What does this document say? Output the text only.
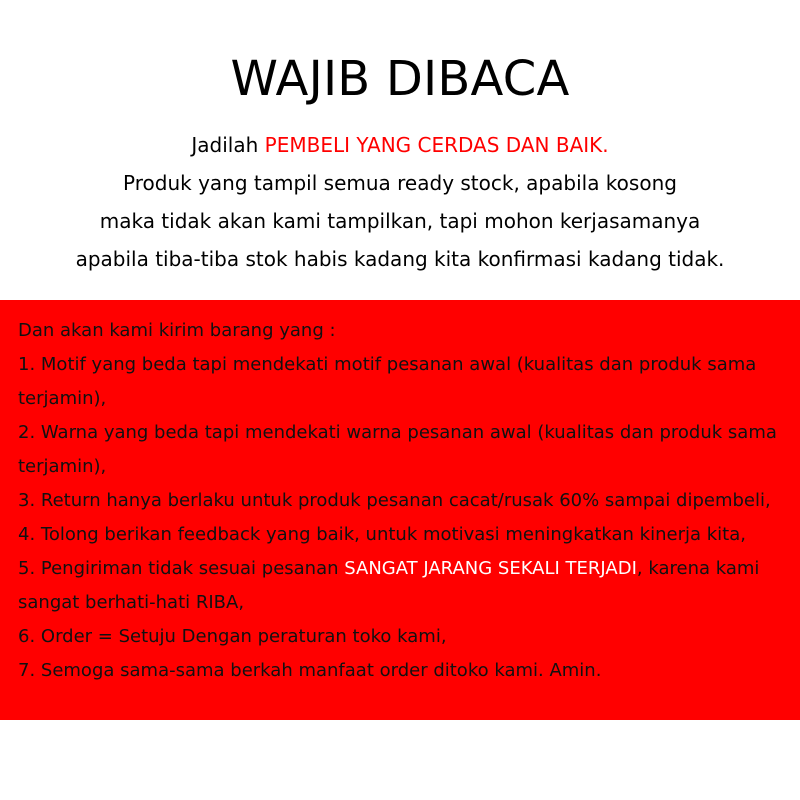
WAJIB DIBACA
Jadilah PEMBELI YANG CERDAS DAN BAIK.
Produk yang tampil semua ready stock, apabila kosong
maka tidak akan kami tampilkan, tapi mohon kerjasamanya
apabila tiba-tiba stok habis kadang kita konfirmasi kadang tidak.
Dan akan kami kirim barang yang :
1. Motif yang beda tapi mendekati motif pesanan awal (kualitas dan produk sama
terjamin),
2. Warna yang beda tapi mendekati warna pesanan awal (kualitas dan produk sama
terjamin),
3. Return hanya berlaku untuk produk pesanan cacat/rusak 60% sampai dipembeli,
4. Tolong berikan feedback yang baik, untuk motivasi meningkatkan kinerja kita,
5. Pengiriman tidak sesuai pesanan SANGAT JARANG SEKALI TERJADI, karena kami
sangat berhati-hati RIBA,
6. Order = Setuju Dengan peraturan toko kami,
7. Semoga sama-sama berkah manfaat order ditoko kami. Amin.
